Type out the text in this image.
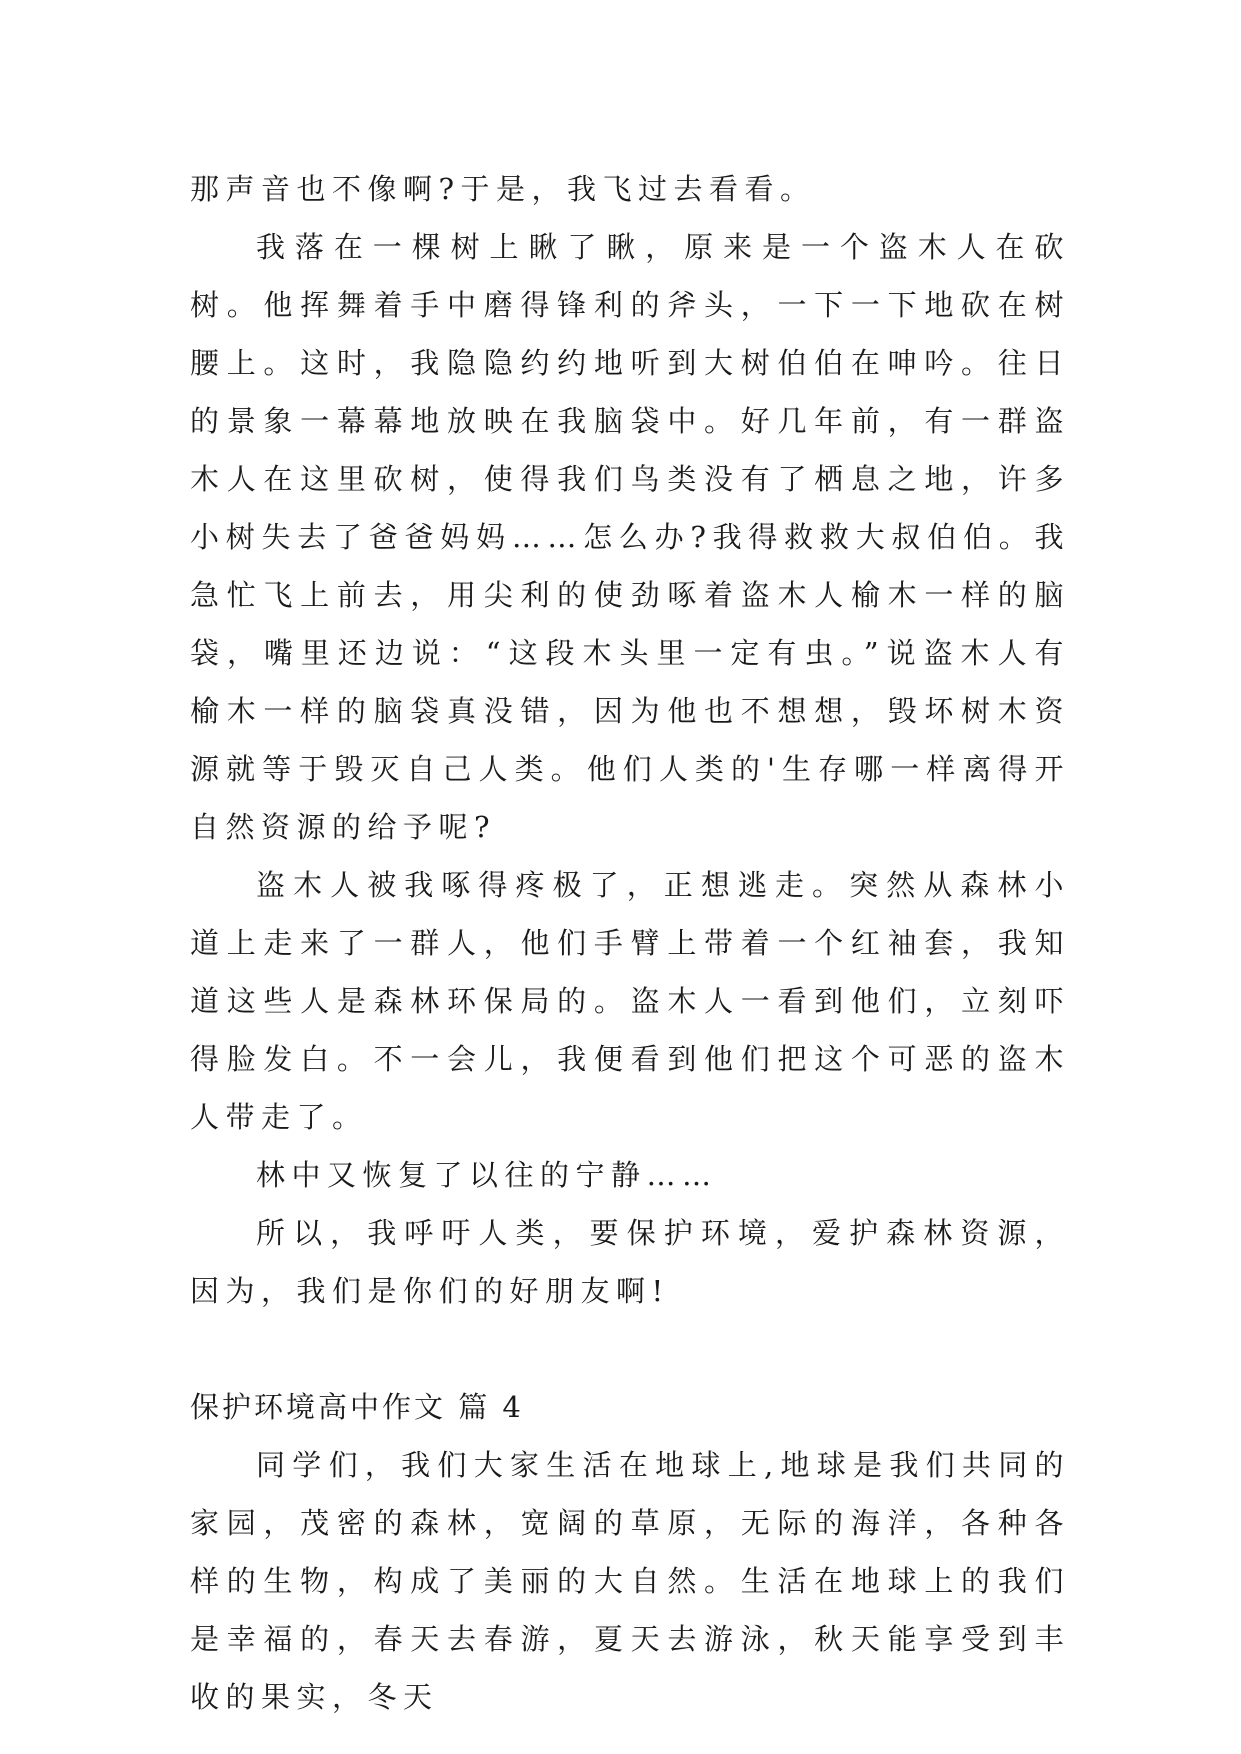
那声音也不像啊?于是，我飞过去看看。

我落在一棵树上瞅了瞅，原来是一个盗木人在砍树。他挥舞着手中磨得锋利的斧头，一下一下地砍在树腰上。这时，我隐隐约约地听到大树伯伯在呻吟。往日的景象一幕幕地放映在我脑袋中。好几年前，有一群盗木人在这里砍树，使得我们鸟类没有了栖息之地，许多小树失去了爸爸妈妈……怎么办?我得救救大叔伯伯。我急忙飞上前去，用尖利的使劲啄着盗木人榆木一样的脑袋，嘴里还边说：“这段木头里一定有虫。”说盗木人有榆木一样的脑袋真没错，因为他也不想想，毁坏树木资源就等于毁灭自己人类。他们人类的'生存哪一样离得开自然资源的给予呢?

盗木人被我啄得疼极了，正想逃走。突然从森林小道上走来了一群人，他们手臂上带着一个红袖套，我知道这些人是森林环保局的。盗木人一看到他们，立刻吓得脸发白。不一会儿，我便看到他们把这个可恶的盗木人带走了。

林中又恢复了以往的宁静……

所以，我呼吁人类，要保护环境，爱护森林资源，因为，我们是你们的好朋友啊!

保护环境高中作文 篇 4

同学们，我们大家生活在地球上,地球是我们共同的家园，茂密的森林，宽阔的草原，无际的海洋，各种各样的生物，构成了美丽的大自然。生活在地球上的我们是幸福的，春天去春游，夏天去游泳，秋天能享受到丰收的果实，冬天
